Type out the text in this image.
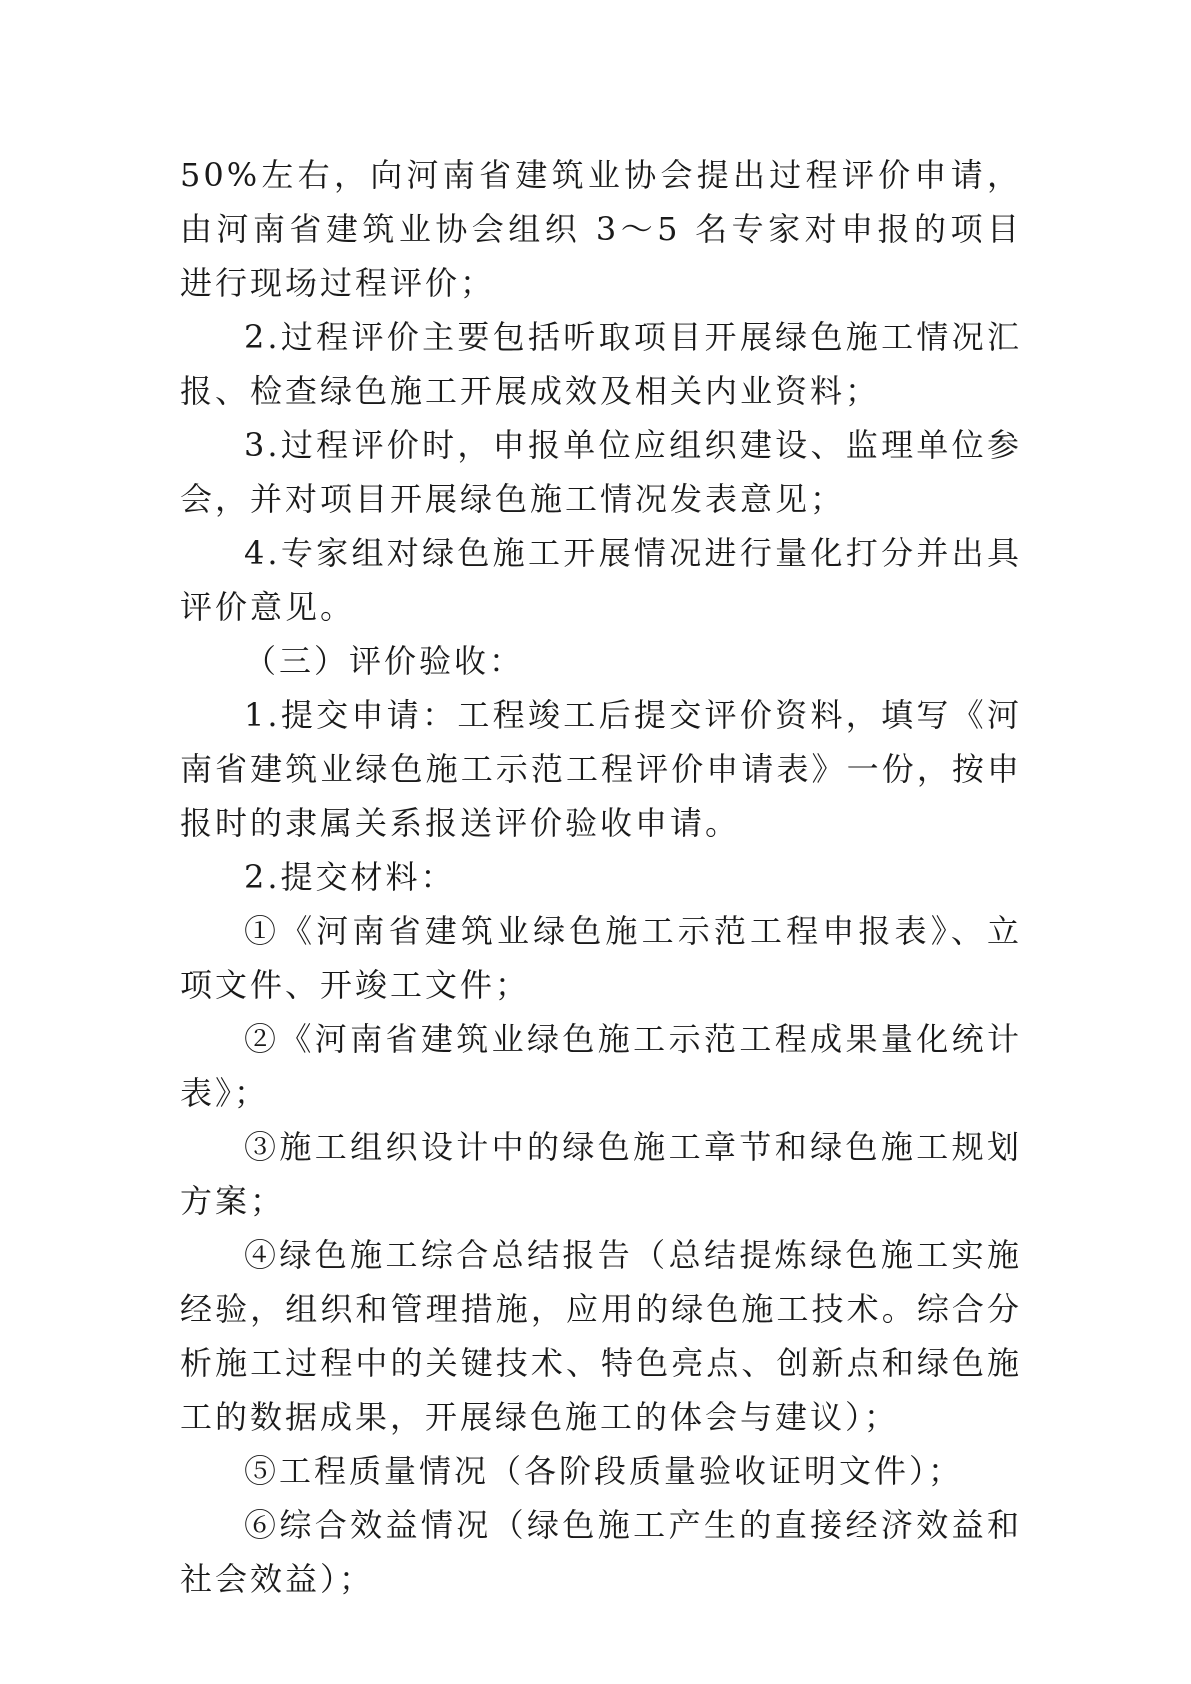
50%左右，向河南省建筑业协会提出过程评价申请，由河南省建筑业协会组织 3～5 名专家对申报的项目进行现场过程评价；

2.过程评价主要包括听取项目开展绿色施工情况汇报、检查绿色施工开展成效及相关内业资料；

3.过程评价时，申报单位应组织建设、监理单位参会，并对项目开展绿色施工情况发表意见；

4.专家组对绿色施工开展情况进行量化打分并出具评价意见。

（三）评价验收：

1.提交申请：工程竣工后提交评价资料，填写《河南省建筑业绿色施工示范工程评价申请表》一份，按申报时的隶属关系报送评价验收申请。

2.提交材料：

①《河南省建筑业绿色施工示范工程申报表》、立项文件、开竣工文件；

②《河南省建筑业绿色施工示范工程成果量化统计表》；

③施工组织设计中的绿色施工章节和绿色施工规划方案；

④绿色施工综合总结报告（总结提炼绿色施工实施经验，组织和管理措施，应用的绿色施工技术。综合分析施工过程中的关键技术、特色亮点、创新点和绿色施工的数据成果，开展绿色施工的体会与建议）；

⑤工程质量情况（各阶段质量验收证明文件）；

⑥综合效益情况（绿色施工产生的直接经济效益和社会效益）；
